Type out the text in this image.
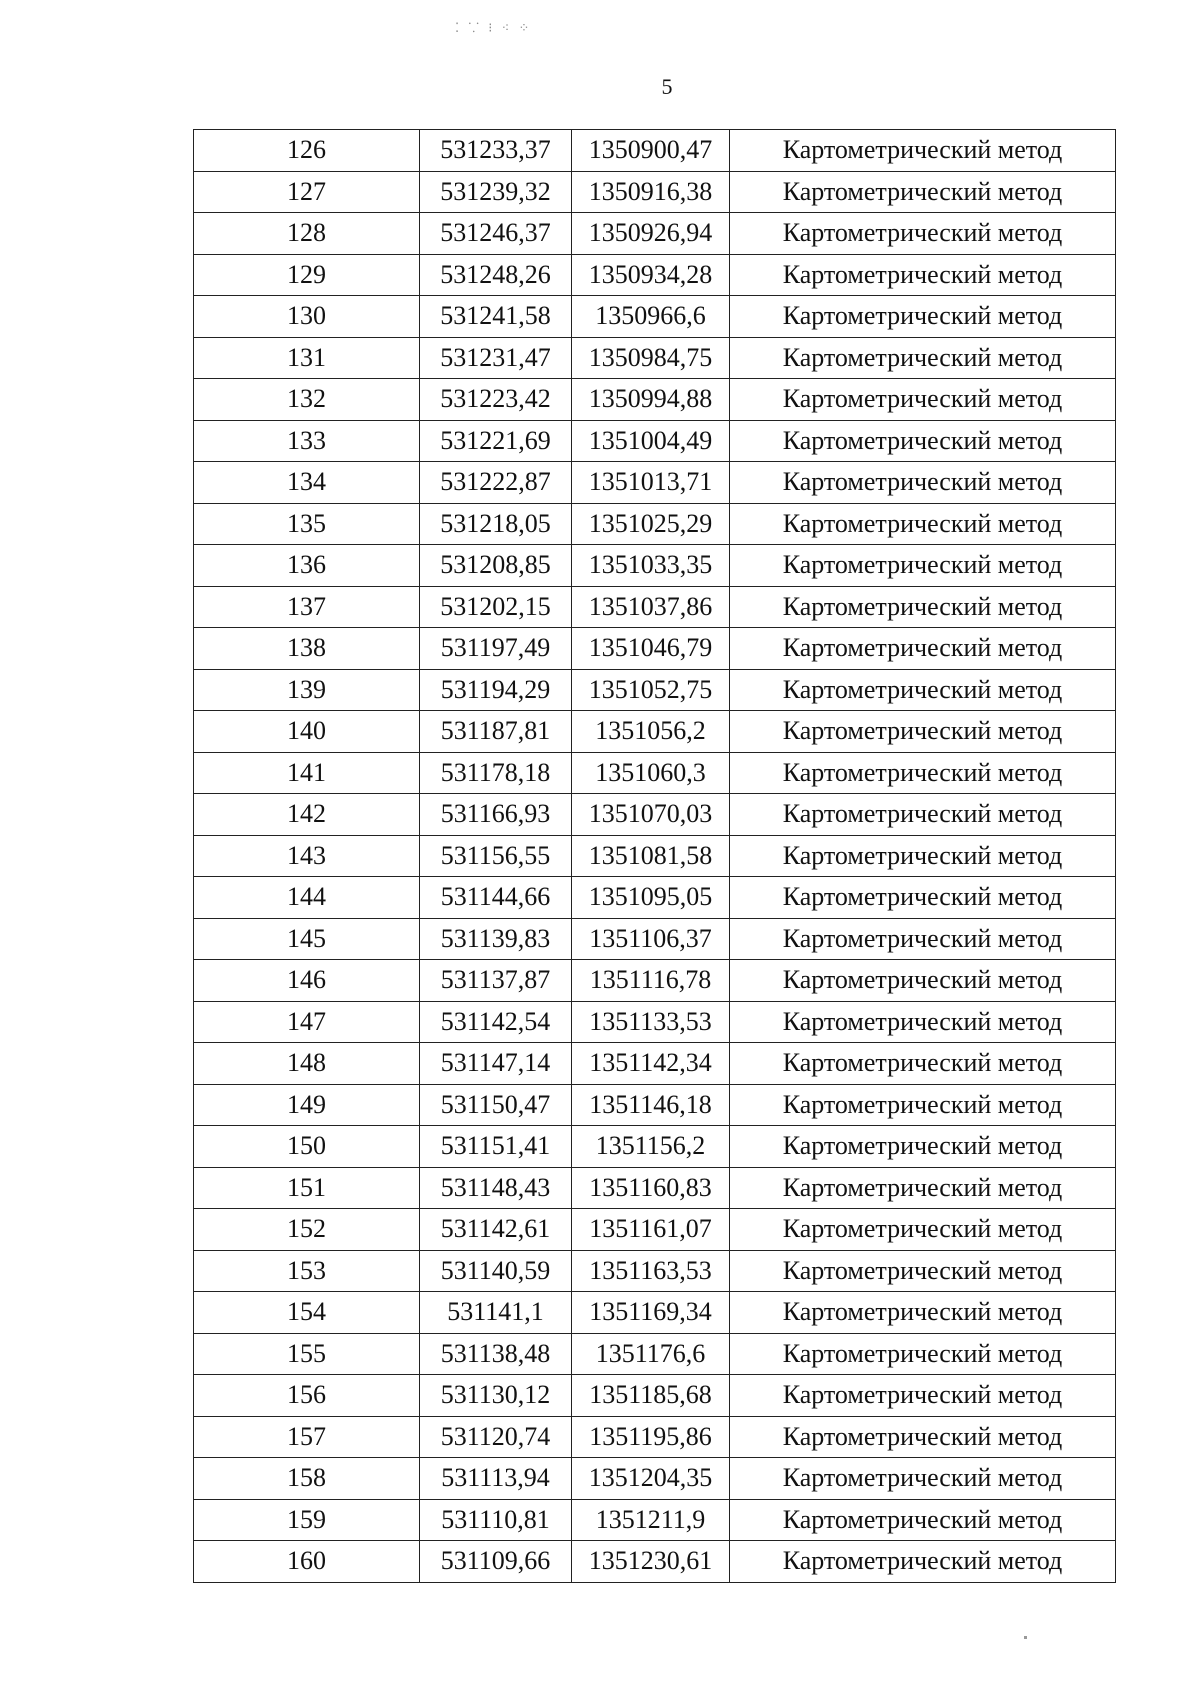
⁚ ⸪ ⁝ ⁖ ⁘
5
126	531233,37	1350900,47	Картометрический метод
127	531239,32	1350916,38	Картометрический метод
128	531246,37	1350926,94	Картометрический метод
129	531248,26	1350934,28	Картометрический метод
130	531241,58	1350966,6	Картометрический метод
131	531231,47	1350984,75	Картометрический метод
132	531223,42	1350994,88	Картометрический метод
133	531221,69	1351004,49	Картометрический метод
134	531222,87	1351013,71	Картометрический метод
135	531218,05	1351025,29	Картометрический метод
136	531208,85	1351033,35	Картометрический метод
137	531202,15	1351037,86	Картометрический метод
138	531197,49	1351046,79	Картометрический метод
139	531194,29	1351052,75	Картометрический метод
140	531187,81	1351056,2	Картометрический метод
141	531178,18	1351060,3	Картометрический метод
142	531166,93	1351070,03	Картометрический метод
143	531156,55	1351081,58	Картометрический метод
144	531144,66	1351095,05	Картометрический метод
145	531139,83	1351106,37	Картометрический метод
146	531137,87	1351116,78	Картометрический метод
147	531142,54	1351133,53	Картометрический метод
148	531147,14	1351142,34	Картометрический метод
149	531150,47	1351146,18	Картометрический метод
150	531151,41	1351156,2	Картометрический метод
151	531148,43	1351160,83	Картометрический метод
152	531142,61	1351161,07	Картометрический метод
153	531140,59	1351163,53	Картометрический метод
154	531141,1	1351169,34	Картометрический метод
155	531138,48	1351176,6	Картометрический метод
156	531130,12	1351185,68	Картометрический метод
157	531120,74	1351195,86	Картометрический метод
158	531113,94	1351204,35	Картометрический метод
159	531110,81	1351211,9	Картометрический метод
160	531109,66	1351230,61	Картометрический метод
